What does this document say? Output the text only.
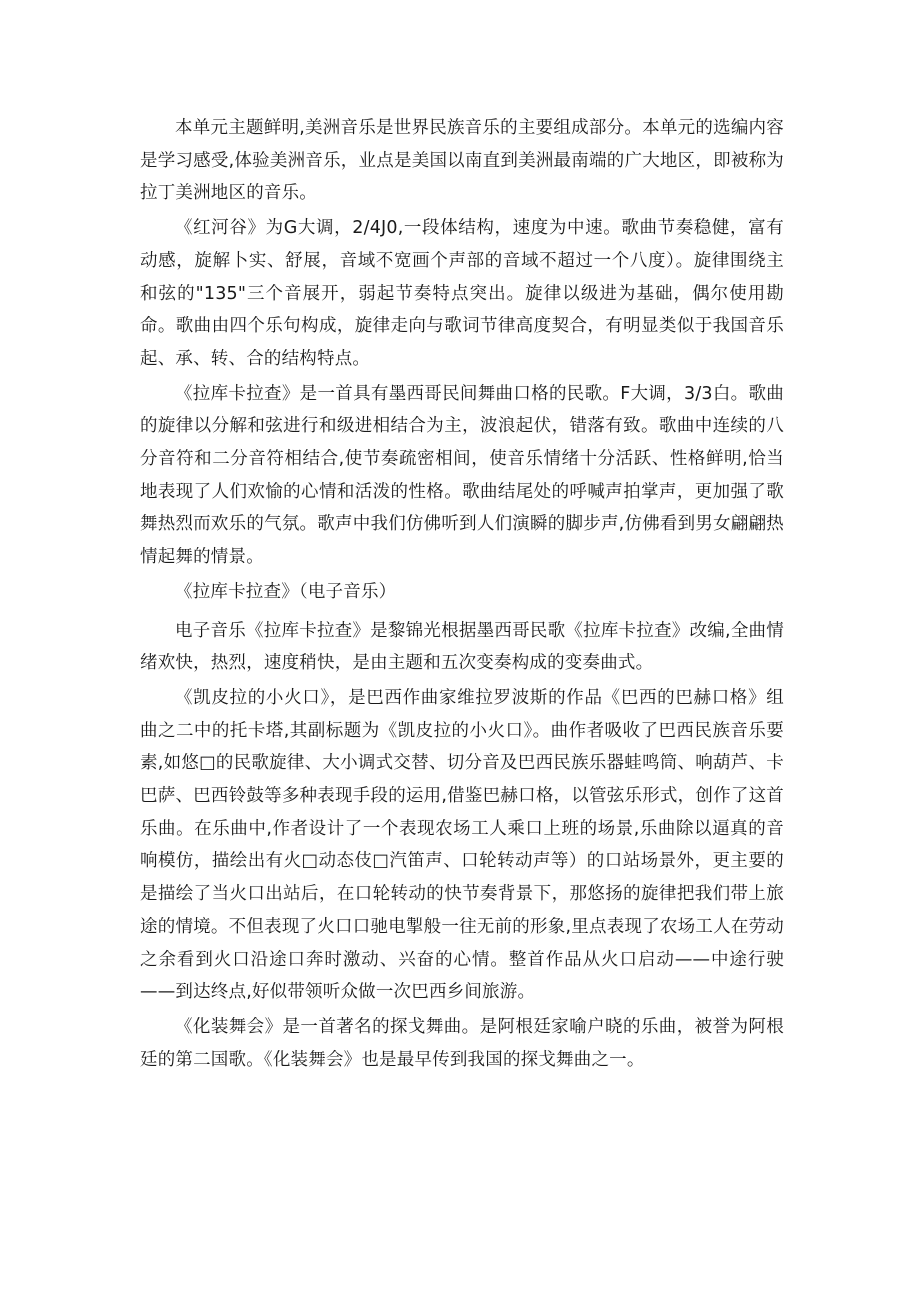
本单元主题鲜明,美洲音乐是世界民族音乐的主要组成部分。本单元的选编内容是学习感受,体验美洲音乐，业点是美国以南直到美洲最南端的广大地区，即被称为拉丁美洲地区的音乐。

《红河谷》为G大调，2/4J0,一段体结构，速度为中速。歌曲节奏稳健，富有动感，旋解卜实、舒展，音域不宽画个声部的音域不超过一个八度）。旋律围绕主和弦的"135"三个音展开，弱起节奏特点突出。旋律以级进为基础，偶尔使用勘命。歌曲由四个乐句构成，旋律走向与歌词节律高度契合，有明显类似于我国音乐起、承、转、合的结构特点。

《拉库卡拉查》是一首具有墨西哥民间舞曲口格的民歌。F大调，3/3白。歌曲的旋律以分解和弦进行和级进相结合为主，波浪起伏，错落有致。歌曲中连续的八分音符和二分音符相结合,使节奏疏密相间，使音乐情绪十分活跃、性格鲜明,恰当地表现了人们欢愉的心情和活泼的性格。歌曲结尾处的呼喊声拍掌声，更加强了歌舞热烈而欢乐的气氛。歌声中我们仿佛听到人们演瞬的脚步声,仿佛看到男女翩翩热情起舞的情景。

《拉库卡拉查》（电子音乐）

电子音乐《拉库卡拉查》是黎锦光根据墨西哥民歌《拉库卡拉查》改编,全曲情绪欢快，热烈，速度稍快，是由主题和五次变奏构成的变奏曲式。

《凯皮拉的小火口》，是巴西作曲家维拉罗波斯的作品《巴西的巴赫口格》组曲之二中的托卡塔,其副标题为《凯皮拉的小火口》。曲作者吸收了巴西民族音乐要素,如悠□的民歌旋律、大小调式交替、切分音及巴西民族乐器蛙鸣筒、响葫芦、卡巴萨、巴西铃鼓等多种表现手段的运用,借鉴巴赫口格，以管弦乐形式，创作了这首乐曲。在乐曲中,作者设计了一个表现农场工人乘口上班的场景,乐曲除以逼真的音响模仿，描绘出有火□动态伎□汽笛声、口轮转动声等）的口站场景外，更主要的是描绘了当火口出站后，在口轮转动的快节奏背景下，那悠扬的旋律把我们带上旅途的情境。不但表现了火口口驰电掣般一往无前的形象,里点表现了农场工人在劳动之余看到火口沿途口奔时激动、兴奋的心情。整首作品从火口启动——中途行驶——到达终点,好似带领听众做一次巴西乡间旅游。

《化装舞会》是一首著名的探戈舞曲。是阿根廷家喻户晓的乐曲，被誉为阿根廷的第二国歌。《化装舞会》也是最早传到我国的探戈舞曲之一。
